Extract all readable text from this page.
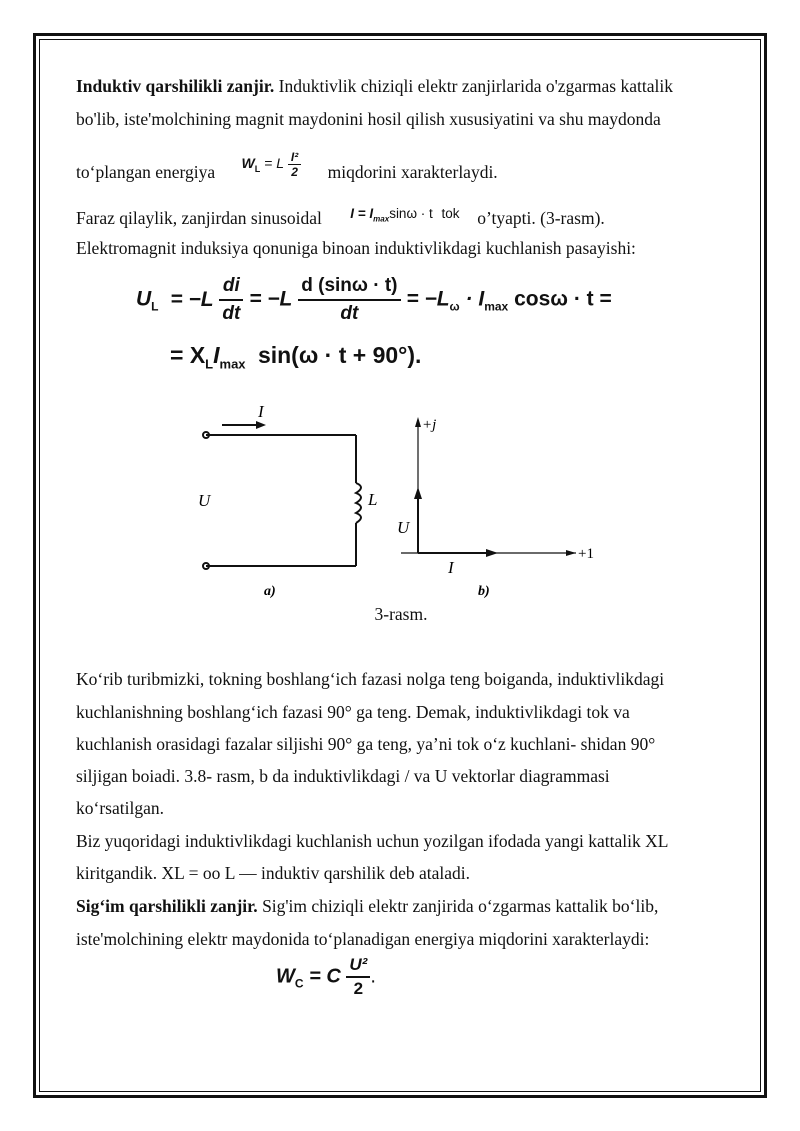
Induktiv qarshilikli zanjir. Induktivlik chiziqli elektr zanjirlarida o'zgarmas kattalik
bo'lib, iste'molchining magnit maydonini hosil qilish xususiyatini va shu maydonda
to‘plangan energiya $W_L = L \frac{\text{I²}}{2}$ miqdorini xarakterlaydi.
Faraz qilaylik, zanjirdan sinusoidal $^{I = I_{max}sin\omega \cdot t tok}$ o’tyapti. (3-rasm).
Elektromagnit induksiya qonuniga binoan induktivlikdagi kuchlanish pasayishi:
$U_L = -L \frac{di}{dt} = -L \frac{d (\sin\omega \cdot t)}{dt} = -L_\omega \cdot I_{max}$ cosω · t =
= $X_LI_{max}$ sin(ω · t + 90°).
I
U	L
a)
+j
U
I
+1
b)
3-rasm.
Ko‘rib turibmizki, tokning boshlang‘ich fazasi nolga teng boiganda, induktivlikdagi
kuchlanishning boshlang‘ich fazasi 90° ga teng. Demak, induktivlikdagi tok va
kuchlanish orasidagi fazalar siljishi 90° ga teng, ya’ni tok o‘z kuchlani- shidan 90°
siljigan boiadi. 3.8- rasm, b da induktivlikdagi / va U vektorlar diagrammasi
ko‘rsatilgan.
Biz yuqoridagi induktivlikdagi kuchlanish uchun yozilgan ifodada yangi kattalik XL
kiritgandik. XL = oo L — induktiv qarshilik deb ataladi.
Sig‘im qarshilikli zanjir. Sig'im chiziqli elektr zanjirida o‘zgarmas kattalik bo‘lib,
iste'molchining elektr maydonida to‘planadigan energiya miqdorini xarakterlaydi:
$W_C = C \frac{\text{U²}}{2}$ .
